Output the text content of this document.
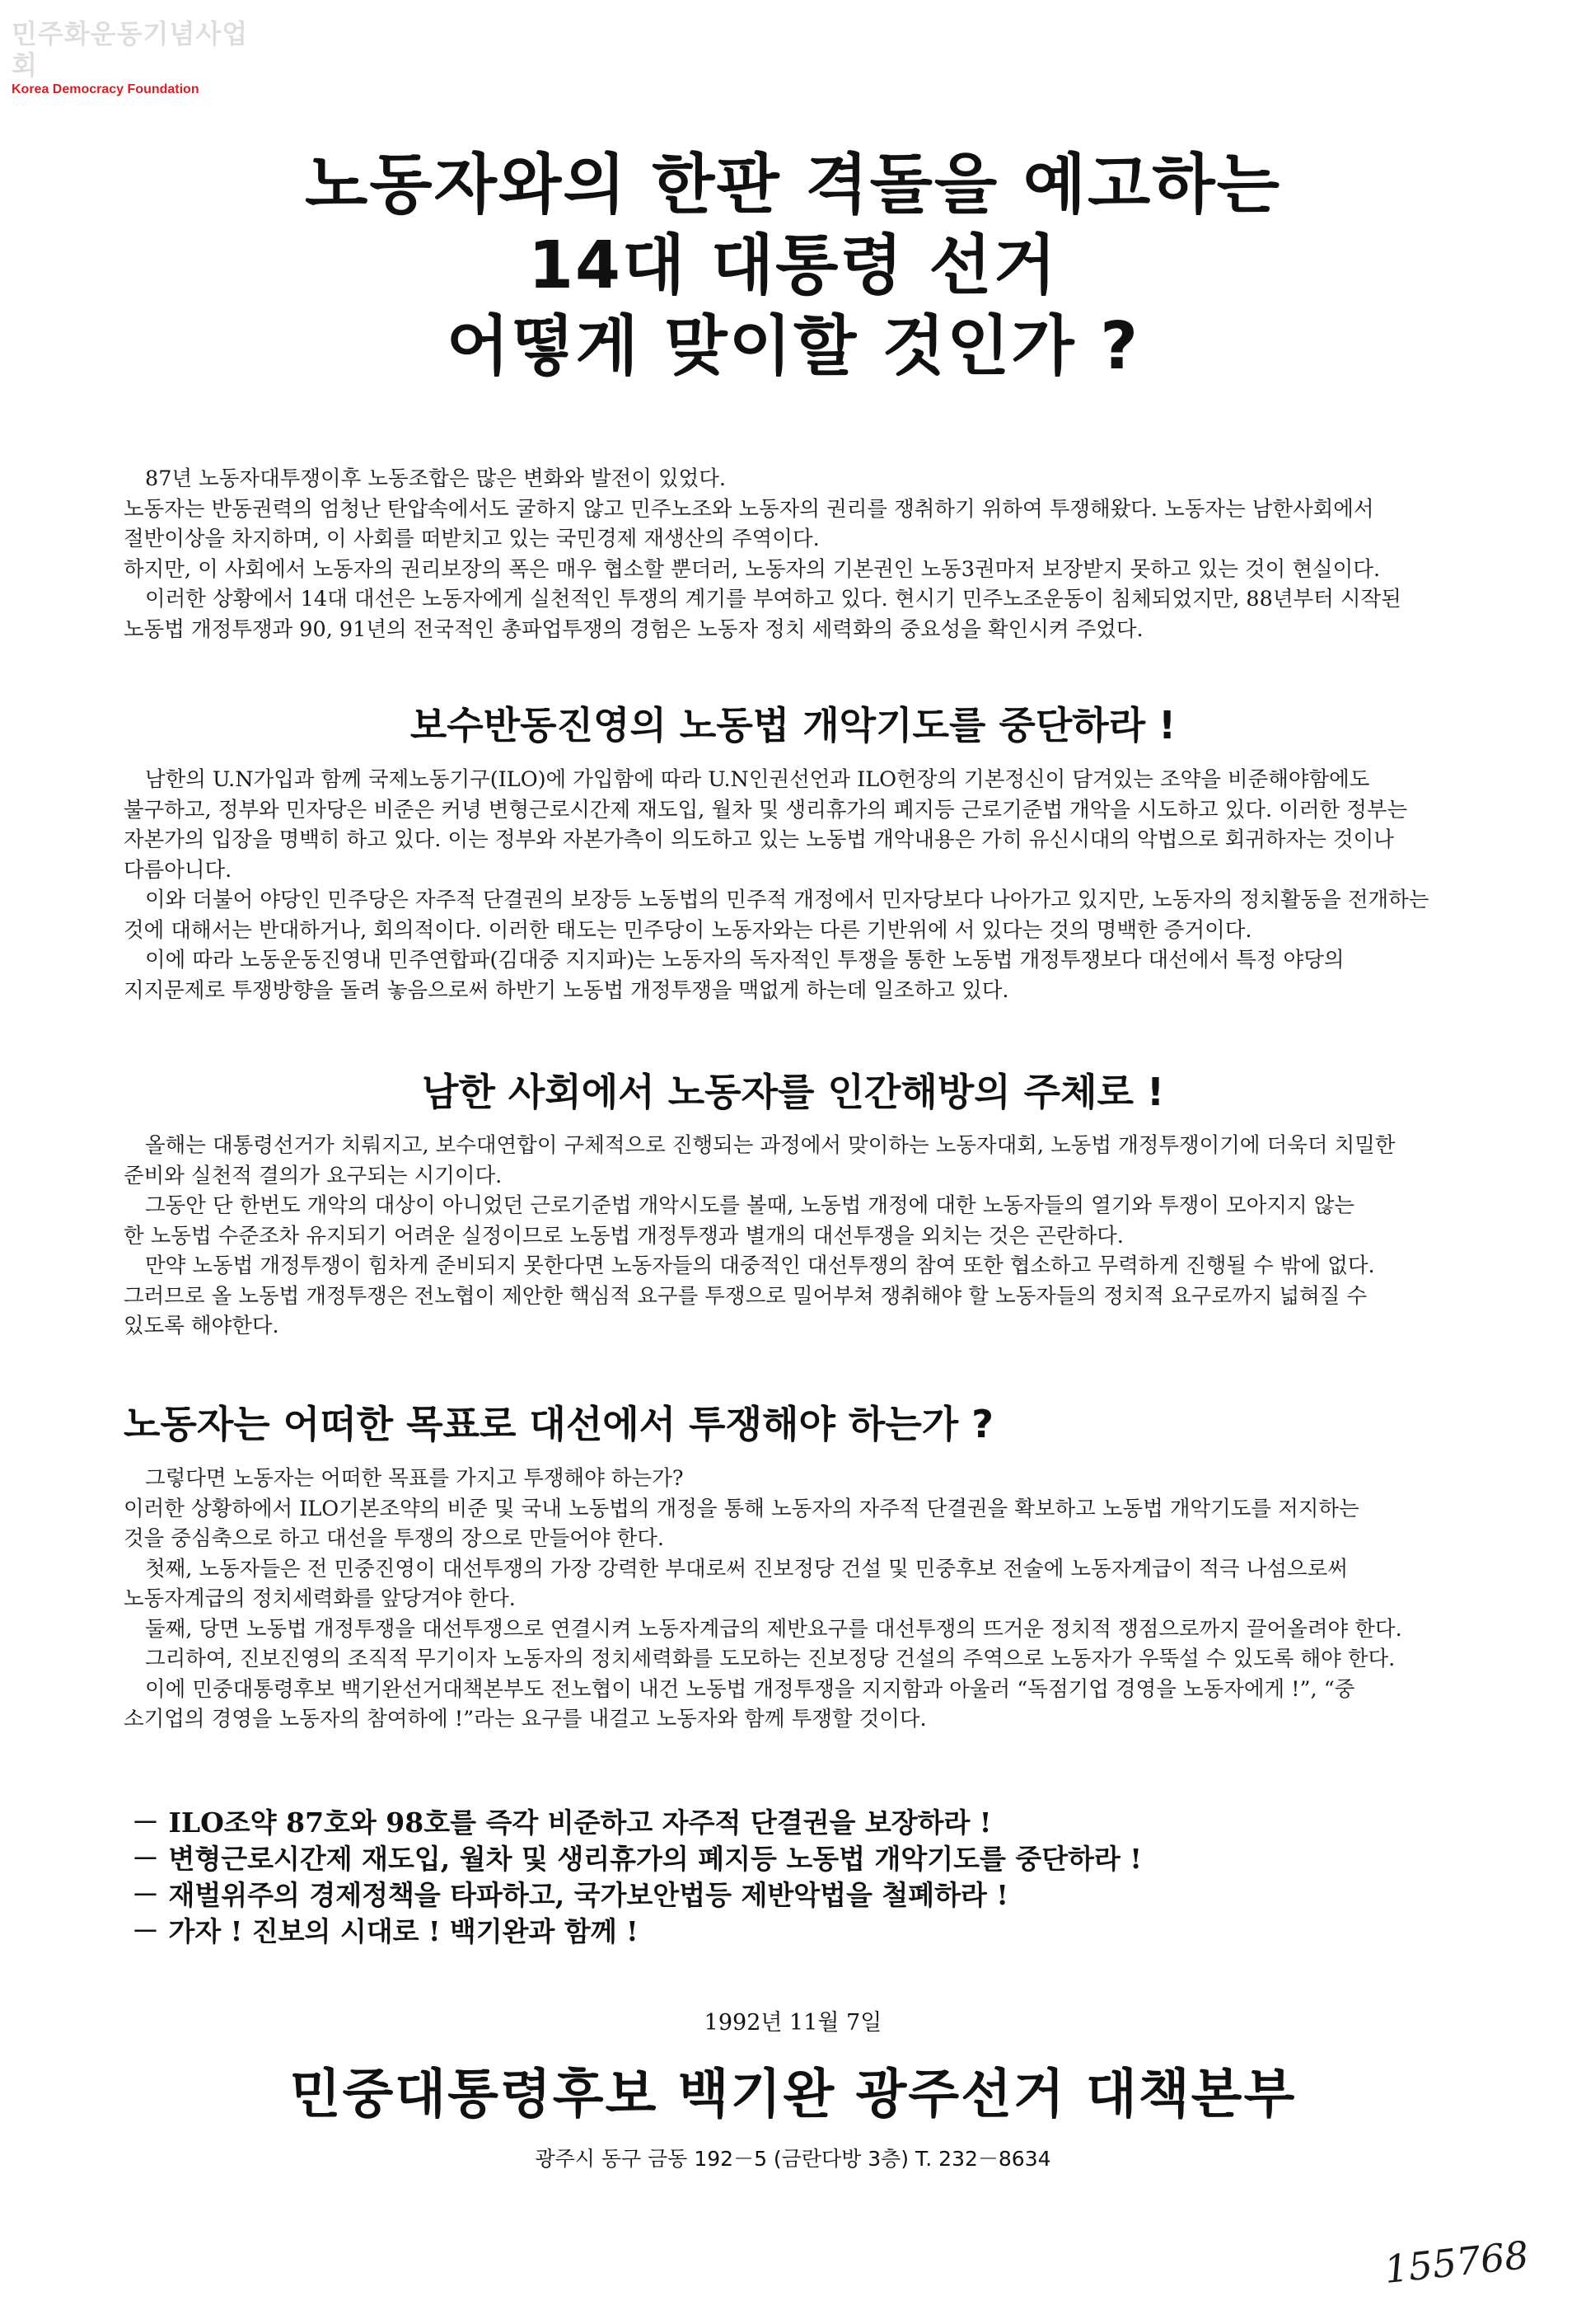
민주화운동기념사업회
Korea Democracy Foundation
노동자와의 한판 격돌을 예고하는
14대 대통령 선거
어떻게 맞이할 것인가 ?

87년 노동자대투쟁이후 노동조합은 많은 변화와 발전이 있었다.

노동자는 반동권력의 엄청난 탄압속에서도 굴하지 않고 민주노조와 노동자의 권리를 쟁취하기 위하여 투쟁해왔다. 노동자는 남한사회에서

절반이상을 차지하며, 이 사회를 떠받치고 있는 국민경제 재생산의 주역이다.

하지만, 이 사회에서 노동자의 권리보장의 폭은 매우 협소할 뿐더러, 노동자의 기본권인 노동3권마저 보장받지 못하고 있는 것이 현실이다.

이러한 상황에서 14대 대선은 노동자에게 실천적인 투쟁의 계기를 부여하고 있다. 현시기 민주노조운동이 침체되었지만, 88년부터 시작된

노동법 개정투쟁과 90, 91년의 전국적인 총파업투쟁의 경험은 노동자 정치 세력화의 중요성을 확인시켜 주었다.

보수반동진영의 노동법 개악기도를 중단하라 !

남한의 U.N가입과 함께 국제노동기구(ILO)에 가입함에 따라 U.N인권선언과 ILO헌장의 기본정신이 담겨있는 조약을 비준해야함에도

불구하고, 정부와 민자당은 비준은 커녕 변형근로시간제 재도입, 월차 및 생리휴가의 폐지등 근로기준법 개악을 시도하고 있다. 이러한 정부는

자본가의 입장을 명백히 하고 있다. 이는 정부와 자본가측이 의도하고 있는 노동법 개악내용은 가히 유신시대의 악법으로 회귀하자는 것이나

다름아니다.

이와 더불어 야당인 민주당은 자주적 단결권의 보장등 노동법의 민주적 개정에서 민자당보다 나아가고 있지만, 노동자의 정치활동을 전개하는

것에 대해서는 반대하거나, 회의적이다. 이러한 태도는 민주당이 노동자와는 다른 기반위에 서 있다는 것의 명백한 증거이다.

이에 따라 노동운동진영내 민주연합파(김대중 지지파)는 노동자의 독자적인 투쟁을 통한 노동법 개정투쟁보다 대선에서 특정 야당의

지지문제로 투쟁방향을 돌려 놓음으로써 하반기 노동법 개정투쟁을 맥없게 하는데 일조하고 있다.

남한 사회에서 노동자를 인간해방의 주체로 !

올해는 대통령선거가 치뤄지고, 보수대연합이 구체적으로 진행되는 과정에서 맞이하는 노동자대회, 노동법 개정투쟁이기에 더욱더 치밀한

준비와 실천적 결의가 요구되는 시기이다.

그동안 단 한번도 개악의 대상이 아니었던 근로기준법 개악시도를 볼때, 노동법 개정에 대한 노동자들의 열기와 투쟁이 모아지지 않는

한 노동법 수준조차 유지되기 어려운 실정이므로 노동법 개정투쟁과 별개의 대선투쟁을 외치는 것은 곤란하다.

만약 노동법 개정투쟁이 힘차게 준비되지 못한다면 노동자들의 대중적인 대선투쟁의 참여 또한 협소하고 무력하게 진행될 수 밖에 없다.

그러므로 올 노동법 개정투쟁은 전노협이 제안한 핵심적 요구를 투쟁으로 밀어부쳐 쟁취해야 할 노동자들의 정치적 요구로까지 넓혀질 수

있도록 해야한다.

노동자는 어떠한 목표로 대선에서 투쟁해야 하는가 ?

그렇다면 노동자는 어떠한 목표를 가지고 투쟁해야 하는가?

이러한 상황하에서 ILO기본조약의 비준 및 국내 노동법의 개정을 통해 노동자의 자주적 단결권을 확보하고 노동법 개악기도를 저지하는

것을 중심축으로 하고 대선을 투쟁의 장으로 만들어야 한다.

첫째, 노동자들은 전 민중진영이 대선투쟁의 가장 강력한 부대로써 진보정당 건설 및 민중후보 전술에 노동자계급이 적극 나섬으로써

노동자계급의 정치세력화를 앞당겨야 한다.

둘째, 당면 노동법 개정투쟁을 대선투쟁으로 연결시켜 노동자계급의 제반요구를 대선투쟁의 뜨거운 정치적 쟁점으로까지 끌어올려야 한다.

그리하여, 진보진영의 조직적 무기이자 노동자의 정치세력화를 도모하는 진보정당 건설의 주역으로 노동자가 우뚝설 수 있도록 해야 한다.

이에 민중대통령후보 백기완선거대책본부도 전노협이 내건 노동법 개정투쟁을 지지함과 아울러 “독점기업 경영을 노동자에게 !”, “중

소기업의 경영을 노동자의 참여하에 !”라는 요구를 내걸고 노동자와 함께 투쟁할 것이다.

－ ILO조약 87호와 98호를 즉각 비준하고 자주적 단결권을 보장하라 !
－ 변형근로시간제 재도입, 월차 및 생리휴가의 폐지등 노동법 개악기도를 중단하라 !
－ 재벌위주의 경제정책을 타파하고, 국가보안법등 제반악법을 철폐하라 !
－ 가자 ! 진보의 시대로 ! 백기완과 함께 !
1992년 11월 7일
민중대통령후보 백기완 광주선거 대책본부
광주시 동구 금동 192－5 (금란다방 3층) T. 232－8634
155768
